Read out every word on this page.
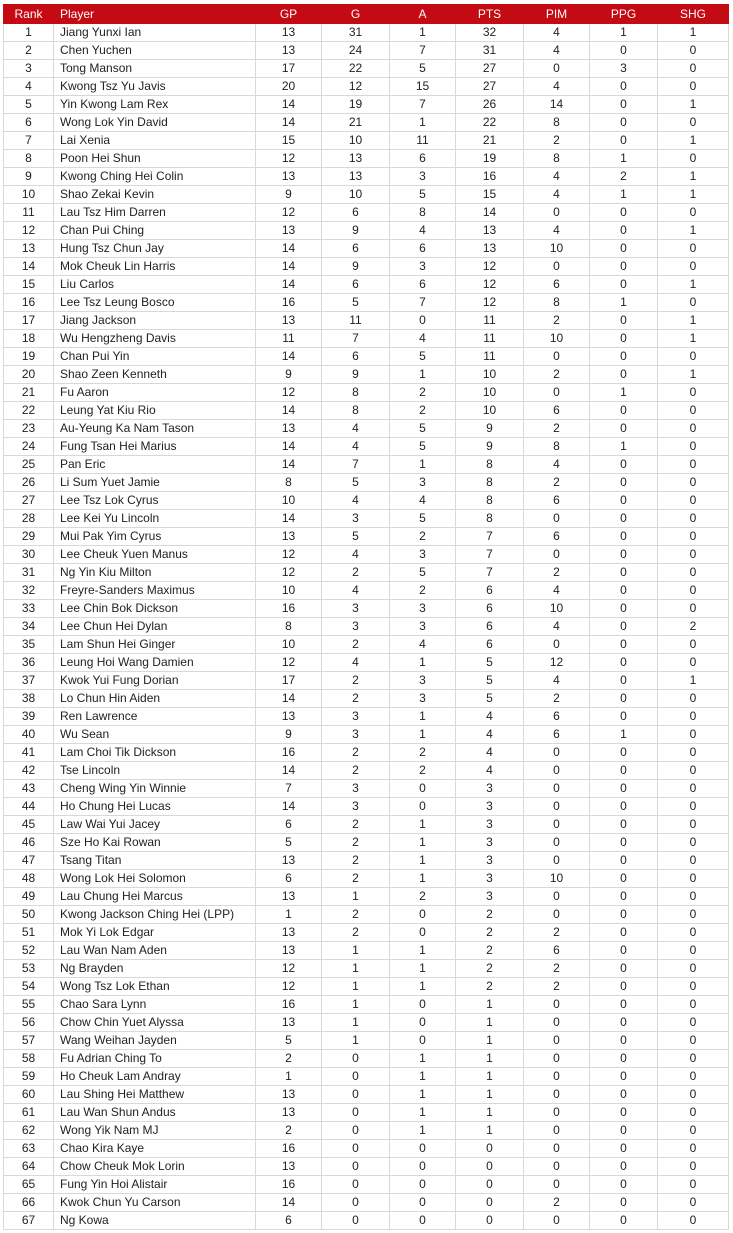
Rank	Player	GP	G	A	PTS	PIM	PPG	SHG
1	Jiang Yunxi Ian	13	31	1	32	4	1	1
2	Chen Yuchen	13	24	7	31	4	0	0
3	Tong Manson	17	22	5	27	0	3	0
4	Kwong Tsz Yu Javis	20	12	15	27	4	0	0
5	Yin Kwong Lam Rex	14	19	7	26	14	0	1
6	Wong Lok Yin David	14	21	1	22	8	0	0
7	Lai Xenia	15	10	11	21	2	0	1
8	Poon Hei Shun	12	13	6	19	8	1	0
9	Kwong Ching Hei Colin	13	13	3	16	4	2	1
10	Shao Zekai Kevin	9	10	5	15	4	1	1
11	Lau Tsz Him Darren	12	6	8	14	0	0	0
12	Chan Pui Ching	13	9	4	13	4	0	1
13	Hung Tsz Chun Jay	14	6	6	13	10	0	0
14	Mok Cheuk Lin Harris	14	9	3	12	0	0	0
15	Liu Carlos	14	6	6	12	6	0	1
16	Lee Tsz Leung Bosco	16	5	7	12	8	1	0
17	Jiang Jackson	13	11	0	11	2	0	1
18	Wu Hengzheng Davis	11	7	4	11	10	0	1
19	Chan Pui Yin	14	6	5	11	0	0	0
20	Shao Zeen Kenneth	9	9	1	10	2	0	1
21	Fu Aaron	12	8	2	10	0	1	0
22	Leung Yat Kiu Rio	14	8	2	10	6	0	0
23	Au-Yeung Ka Nam Tason	13	4	5	9	2	0	0
24	Fung Tsan Hei Marius	14	4	5	9	8	1	0
25	Pan Eric	14	7	1	8	4	0	0
26	Li Sum Yuet Jamie	8	5	3	8	2	0	0
27	Lee Tsz Lok Cyrus	10	4	4	8	6	0	0
28	Lee Kei Yu Lincoln	14	3	5	8	0	0	0
29	Mui Pak Yim Cyrus	13	5	2	7	6	0	0
30	Lee Cheuk Yuen Manus	12	4	3	7	0	0	0
31	Ng Yin Kiu Milton	12	2	5	7	2	0	0
32	Freyre-Sanders Maximus	10	4	2	6	4	0	0
33	Lee Chin Bok Dickson	16	3	3	6	10	0	0
34	Lee Chun Hei Dylan	8	3	3	6	4	0	2
35	Lam Shun Hei Ginger	10	2	4	6	0	0	0
36	Leung Hoi Wang Damien	12	4	1	5	12	0	0
37	Kwok Yui Fung Dorian	17	2	3	5	4	0	1
38	Lo Chun Hin Aiden	14	2	3	5	2	0	0
39	Ren Lawrence	13	3	1	4	6	0	0
40	Wu Sean	9	3	1	4	6	1	0
41	Lam Choi Tik Dickson	16	2	2	4	0	0	0
42	Tse Lincoln	14	2	2	4	0	0	0
43	Cheng Wing Yin Winnie	7	3	0	3	0	0	0
44	Ho Chung Hei Lucas	14	3	0	3	0	0	0
45	Law Wai Yui Jacey	6	2	1	3	0	0	0
46	Sze Ho Kai Rowan	5	2	1	3	0	0	0
47	Tsang Titan	13	2	1	3	0	0	0
48	Wong Lok Hei Solomon	6	2	1	3	10	0	0
49	Lau Chung Hei Marcus	13	1	2	3	0	0	0
50	Kwong Jackson Ching Hei (LPP)	1	2	0	2	0	0	0
51	Mok Yi Lok Edgar	13	2	0	2	2	0	0
52	Lau Wan Nam Aden	13	1	1	2	6	0	0
53	Ng Brayden	12	1	1	2	2	0	0
54	Wong Tsz Lok Ethan	12	1	1	2	2	0	0
55	Chao Sara Lynn	16	1	0	1	0	0	0
56	Chow Chin Yuet Alyssa	13	1	0	1	0	0	0
57	Wang Weihan Jayden	5	1	0	1	0	0	0
58	Fu Adrian Ching To	2	0	1	1	0	0	0
59	Ho Cheuk Lam Andray	1	0	1	1	0	0	0
60	Lau Shing Hei Matthew	13	0	1	1	0	0	0
61	Lau Wan Shun Andus	13	0	1	1	0	0	0
62	Wong Yik Nam MJ	2	0	1	1	0	0	0
63	Chao Kira Kaye	16	0	0	0	0	0	0
64	Chow Cheuk Mok Lorin	13	0	0	0	0	0	0
65	Fung Yin Hoi Alistair	16	0	0	0	0	0	0
66	Kwok Chun Yu Carson	14	0	0	0	2	0	0
67	Ng Kowa	6	0	0	0	0	0	0
